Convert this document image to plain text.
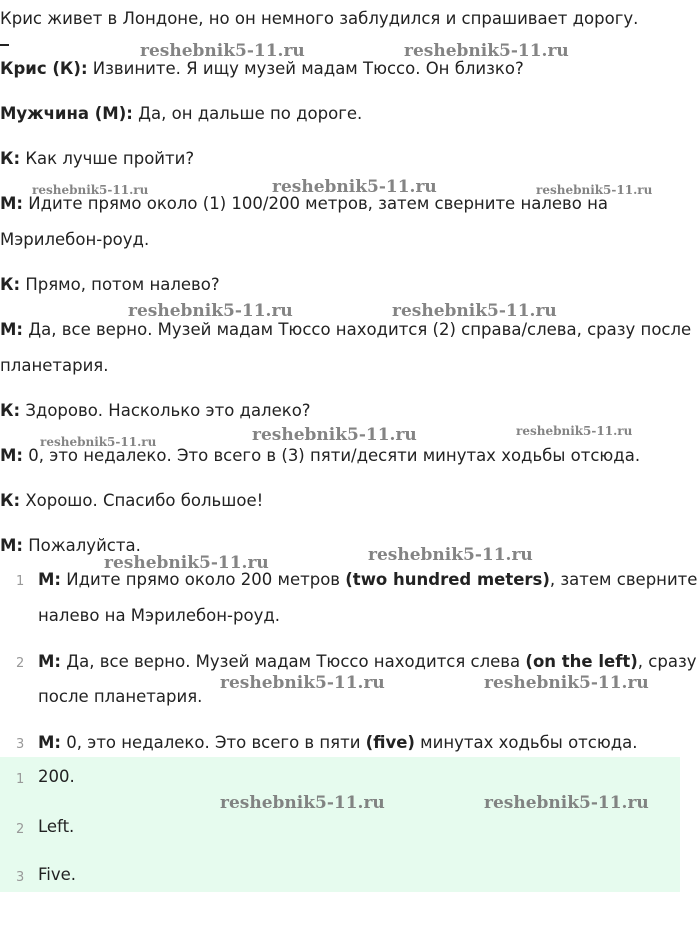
Крис живет в Лондоне, но он немного заблудился и спрашивает дорогу.
Крис (К): Извините. Я ищу музей мадам Тюссо. Он близко?
Мужчина (М): Да, он дальше по дороге.
К: Как лучше пройти?
М: Идите прямо около (1) 100/200 метров, затем сверните налево на
Мэрилебон-роуд.
К: Прямо, потом налево?
М: Да, все верно. Музей мадам Тюссо находится (2) справа/слева, сразу после
планетария.
К: Здорово. Насколько это далеко?
М: 0, это недалеко. Это всего в (3) пяти/десяти минутах ходьбы отсюда.
К: Хорошо. Спасибо большое!
М: Пожалуйста.
1 М: Идите прямо около 200 метров (two hundred meters), затем сверните
налево на Мэрилебон-роуд.
2 М: Да, все верно. Музей мадам Тюссо находится слева (on the left), сразу
после планетария.
3 М: 0, это недалеко. Это всего в пяти (five) минутах ходьбы отсюда.
1 200.
2 Left.
3 Five.
reshebnik5-11.ru	reshebnik5-11.ru
reshebnik5-11.ru	reshebnik5-11.ru	reshebnik5-11.ru
reshebnik5-11.ru	reshebnik5-11.ru
reshebnik5-11.ru	reshebnik5-11.ru	reshebnik5-11.ru
reshebnik5-11.ru	reshebnik5-11.ru
reshebnik5-11.ru	reshebnik5-11.ru
reshebnik5-11.ru	reshebnik5-11.ru
